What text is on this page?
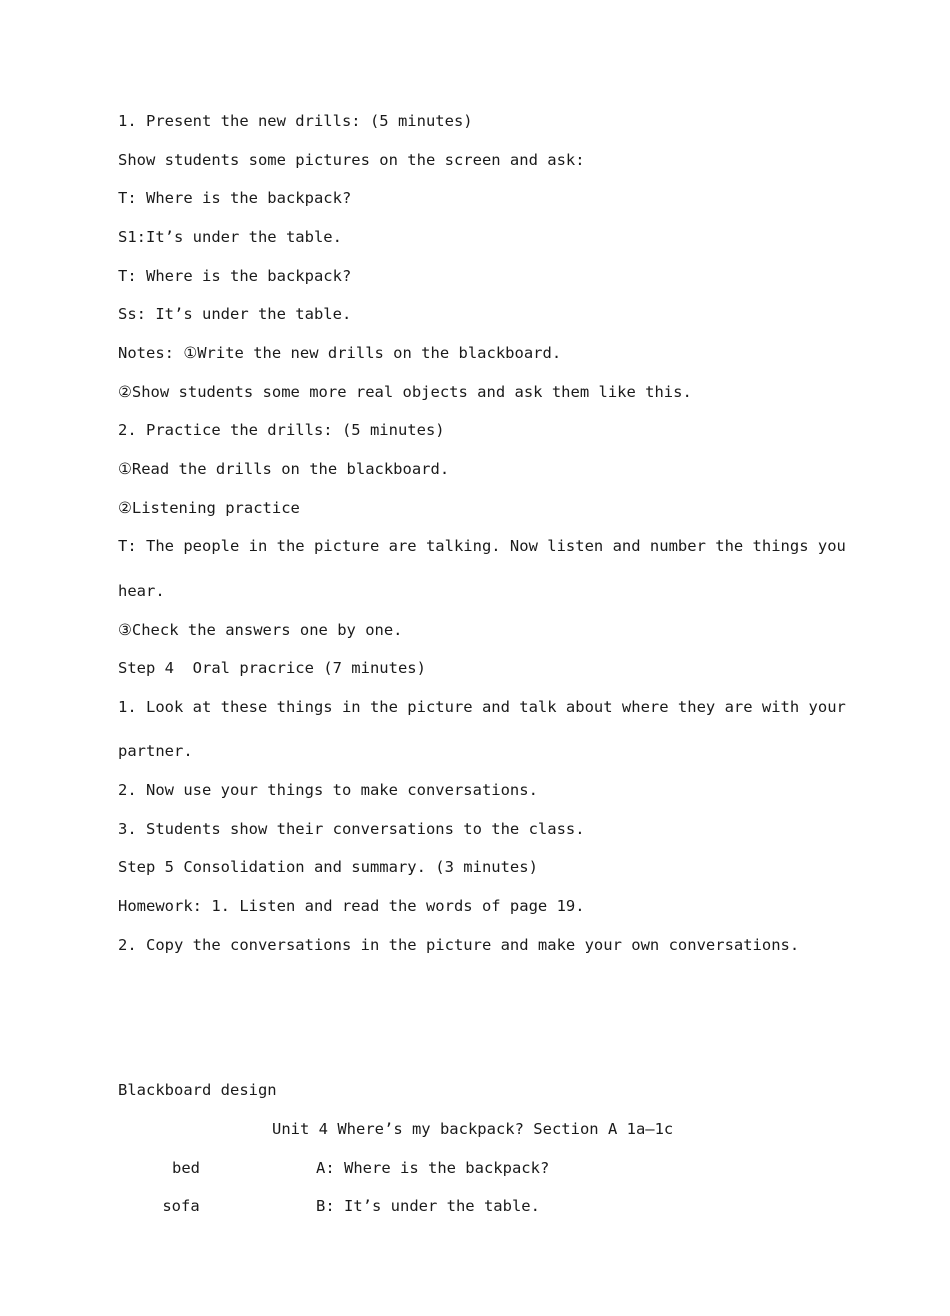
1. Present the new drills: (5 minutes)
Show students some pictures on the screen and ask:
T: Where is the backpack?
S1:It’s under the table.
T: Where is the backpack?
Ss: It’s under the table.
Notes: ①Write the new drills on the blackboard.
②Show students some more real objects and ask them like this.
2. Practice the drills: (5 minutes)
①Read the drills on the blackboard.
②Listening practice
T: The people in the picture are talking. Now listen and number the things you
hear.
③Check the answers one by one.
Step 4  Oral pracrice (7 minutes)
1. Look at these things in the picture and talk about where they are with your
partner.
2. Now use your things to make conversations.
3. Students show their conversations to the class.
Step 5 Consolidation and summary. (3 minutes)
Homework: 1. Listen and read the words of page 19.
2. Copy the conversations in the picture and make your own conversations.
Blackboard design
Unit 4 Where’s my backpack? Section A 1a—1c
bed	A: Where is the backpack?
sofa	B: It’s under the table.
